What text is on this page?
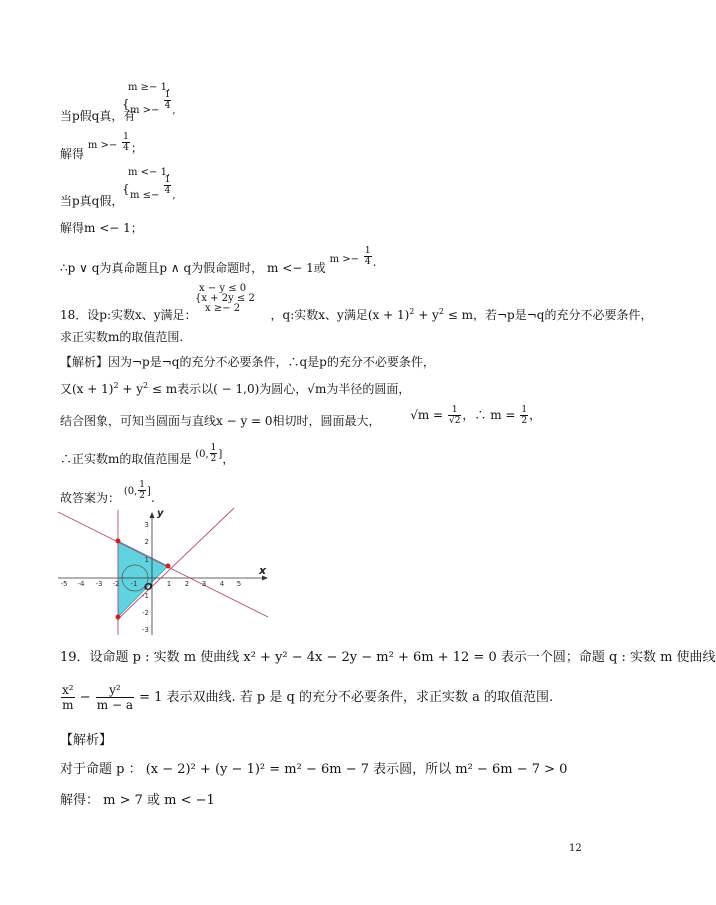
m ≥− 1,
{ $m >- \frac{1}{4}$ ,
当p假q真，有
解得 $m >- \frac{1}{4}$ ；
m <− 1,
{ $m \le- \frac{1}{4}$ ,
当p真q假，
解得m <− 1；
∴p ∨ q为真命题且p ∧ q为假命题时， m <− 1或 $m >- \frac{1}{4}$ .
x − y ≤ 0
{x + 2y ≤ 2
x ≥− 2
18．设p:实数x、y满足：	，q:实数x、y满足$(x + 1)^2 + y^2 \le m$，若¬p是¬q的充分不必要条件，
求正实数m的取值范围.
【解析】因为¬p是¬q的充分不必要条件，∴q是p的充分不必要条件，
又$(x + 1)^2 + y^2 \le m$表示以( − 1,0)为圆心，√m为半径的圆面，
结合图象，可知当圆面与直线x − y = 0相切时，圆面最大， $√m = \frac{1}{√2}$ ，∴ $m = \frac{1}{2}$ ，
∴正实数m的取值范围是 (0, $\frac{1}{2}$ ]，
故答案为： (0, $\frac{1}{2}$ ].
-5 -4 -3 -2 -1	1 2 3 4 5
3
2
1
-1
-2
-3
x
y
O
19．设命题 p : 实数 m 使曲线 x² + y² − 4x − 2y − m² + 6m + 12 = 0 表示一个圆；命题 q : 实数 m 使曲线
$\frac{\text{x²}}{m} - \frac{\text{y²}}{m - a} = 1$ 表示双曲线. 若 p 是 q 的充分不必要条件，求正实数 a 的取值范围.
【解析】
对于命题 p ： (x − 2)² + (y − 1)² = m² − 6m − 7 表示圆，所以 m² − 6m − 7 > 0
解得： m > 7 或 m < −1
12
